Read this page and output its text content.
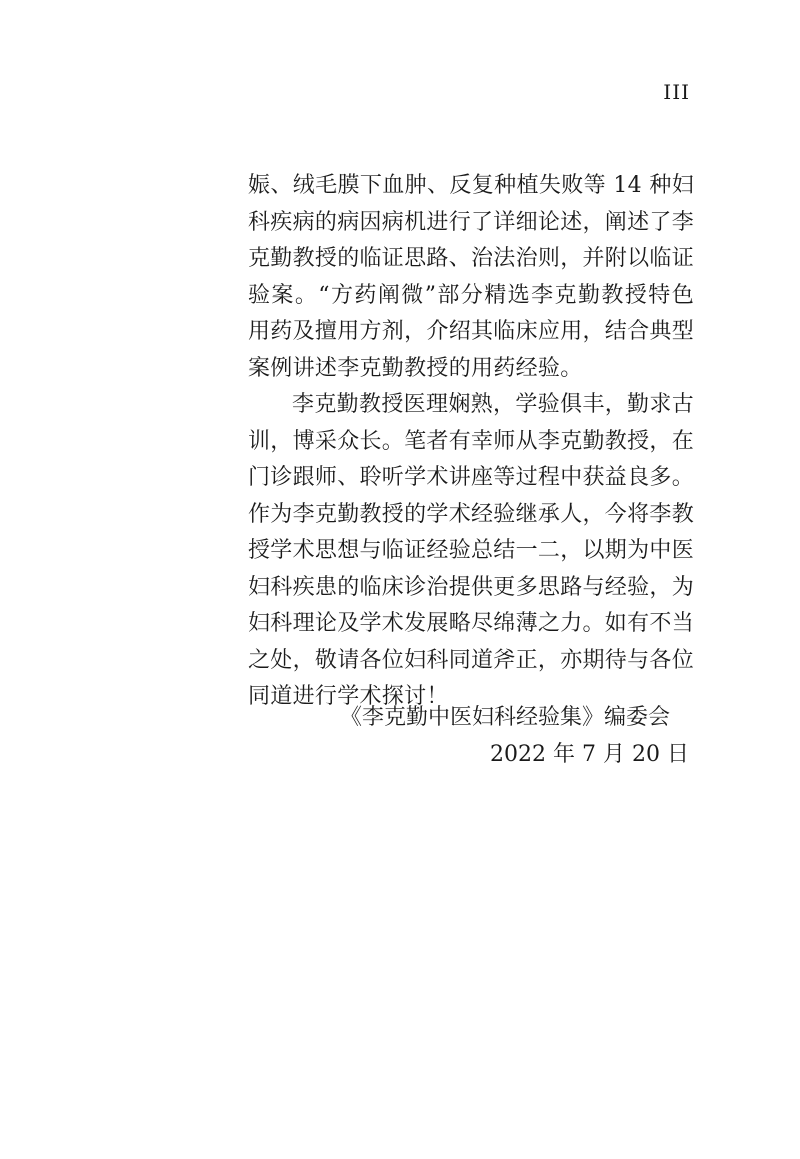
III

娠、绒毛膜下血肿、反复种植失败等 14 种妇科疾病的病因病机进行了详细论述，阐述了李克勤教授的临证思路、治法治则，并附以临证验案。“方药阐微”部分精选李克勤教授特色用药及擅用方剂，介绍其临床应用，结合典型案例讲述李克勤教授的用药经验。

李克勤教授医理娴熟，学验俱丰，勤求古训，博采众长。笔者有幸师从李克勤教授，在门诊跟师、聆听学术讲座等过程中获益良多。作为李克勤教授的学术经验继承人，今将李教授学术思想与临证经验总结一二，以期为中医妇科疾患的临床诊治提供更多思路与经验，为妇科理论及学术发展略尽绵薄之力。如有不当之处，敬请各位妇科同道斧正，亦期待与各位同道进行学术探讨！

《李克勤中医妇科经验集》编委会
2022 年 7 月 20 日
